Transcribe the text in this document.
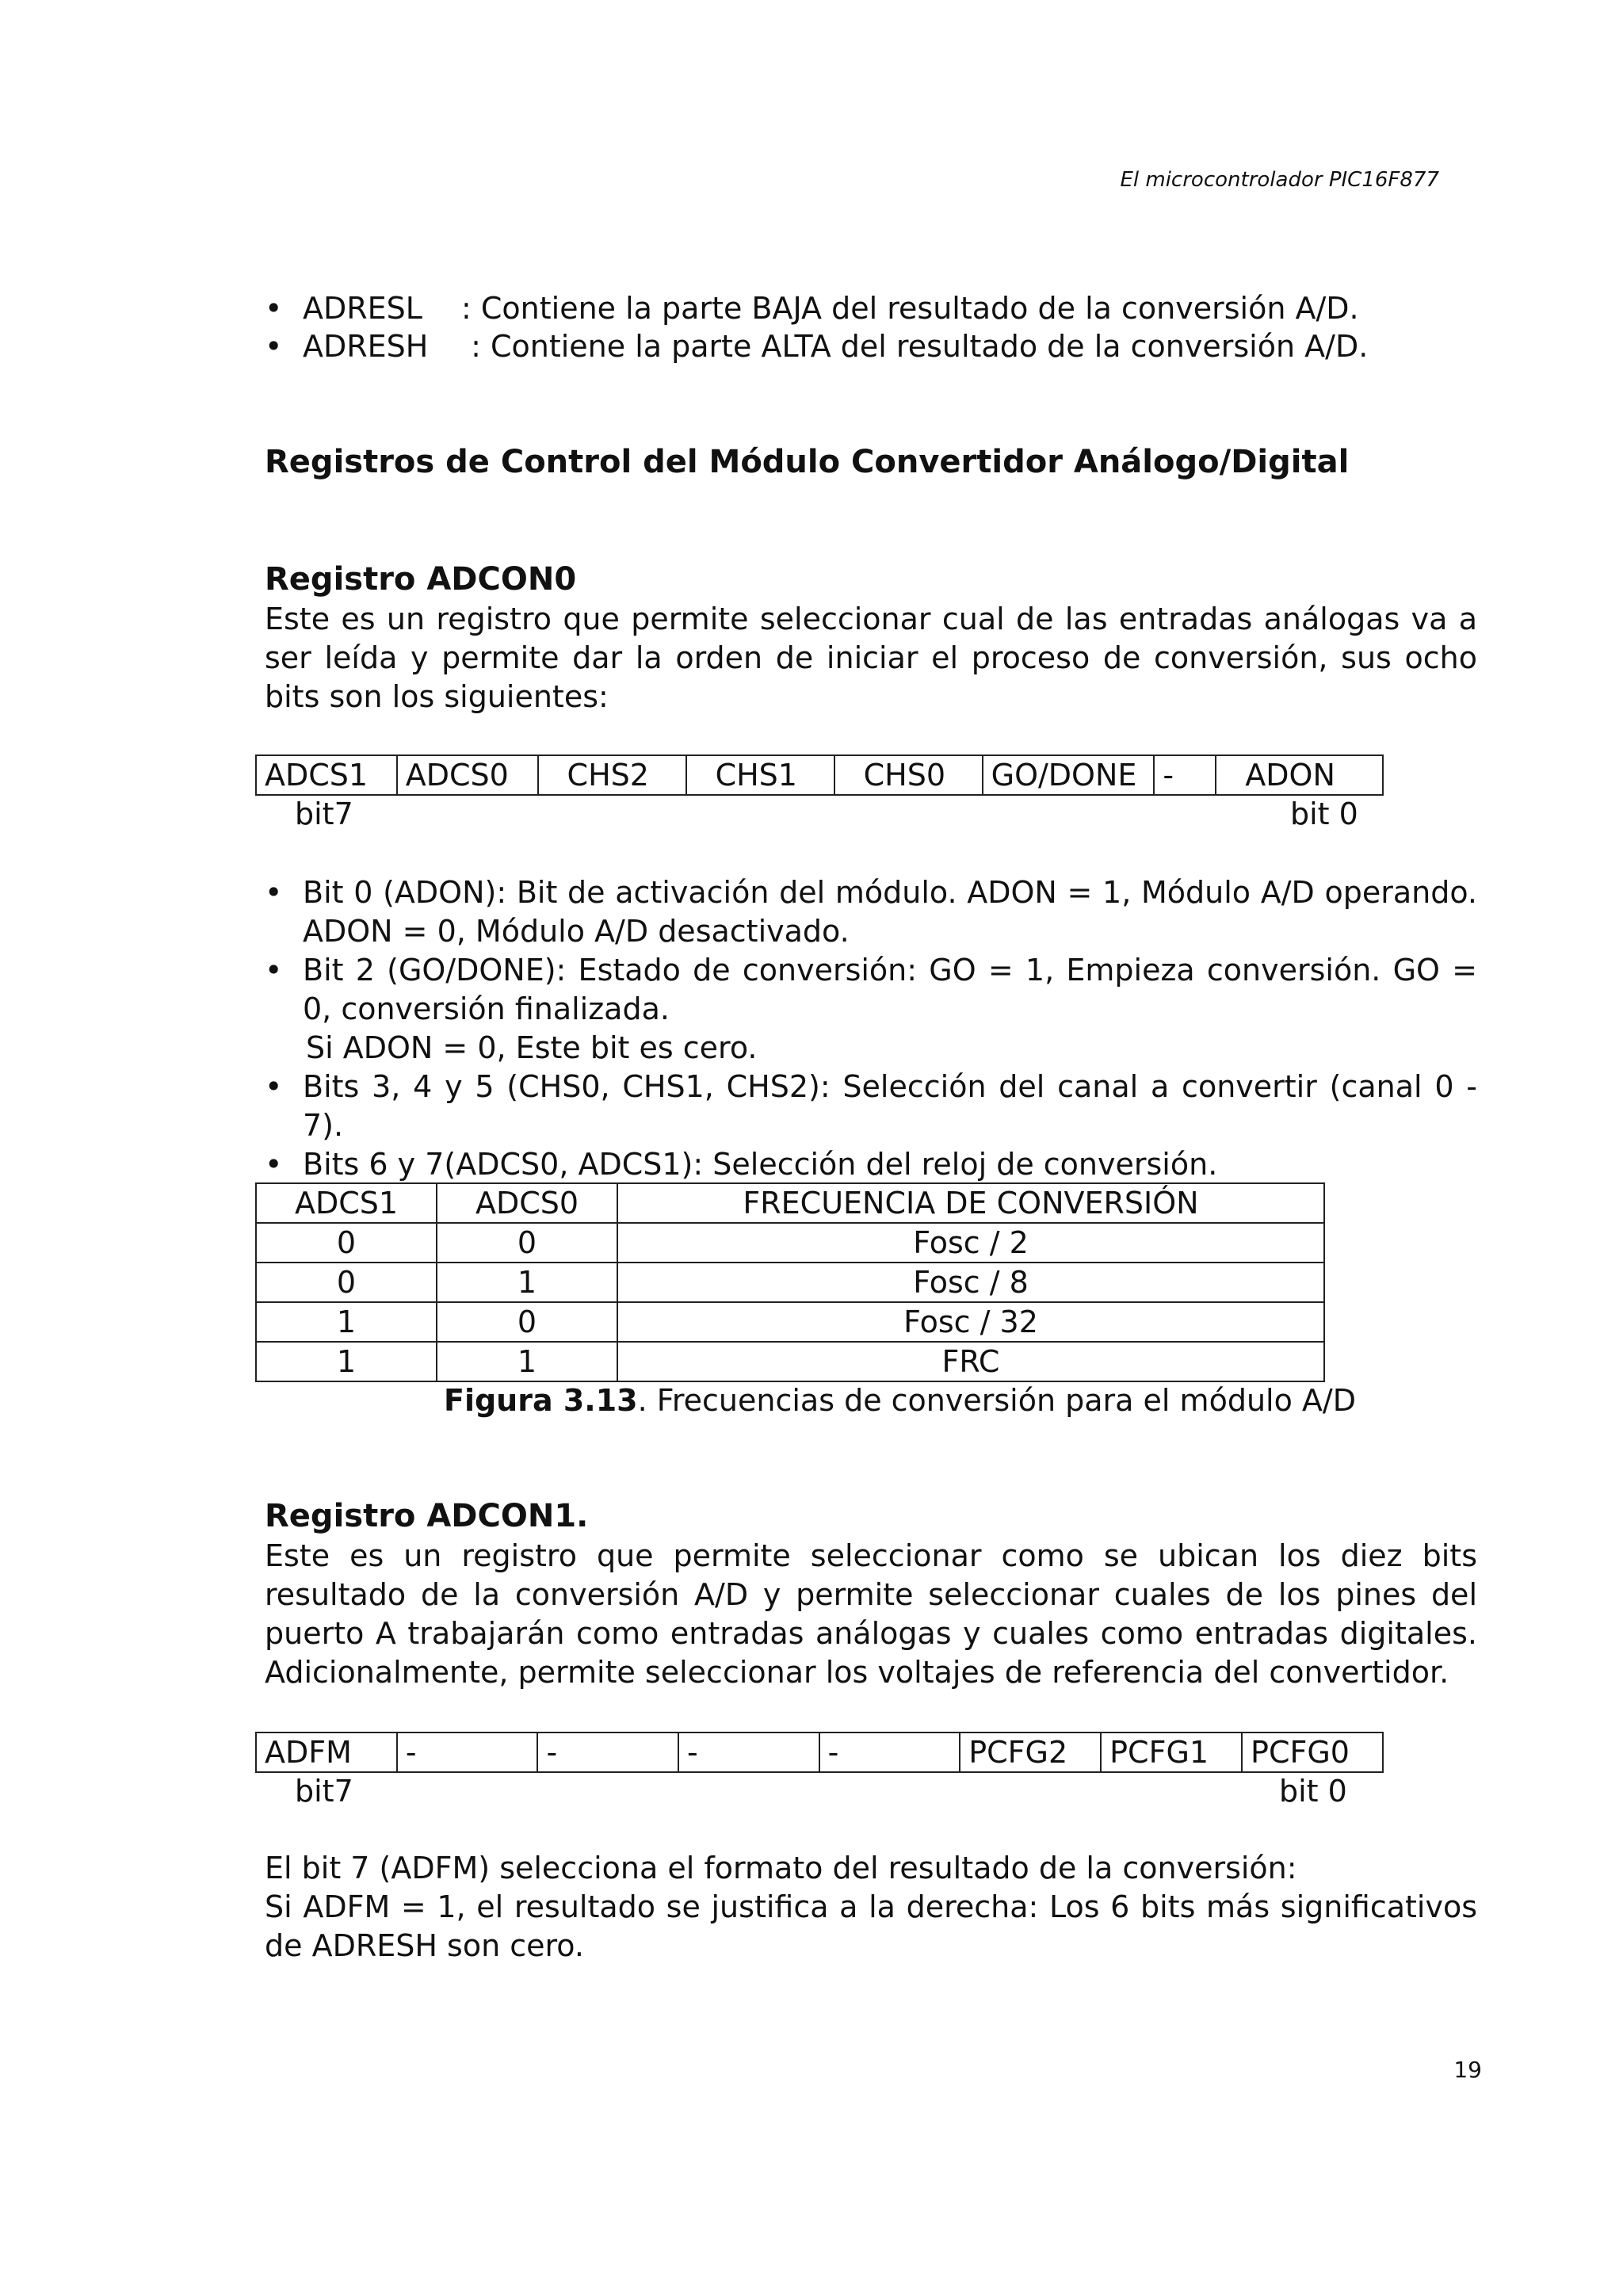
El microcontrolador PIC16F877
• ADRESL : Contiene la parte BAJA del resultado de la conversión A/D.
• ADRESH : Contiene la parte ALTA del resultado de la conversión A/D.
Registros de Control del Módulo Convertidor Análogo/Digital
Registro ADCON0
Este es un registro que permite seleccionar cual de las entradas análogas va a ser leída y permite dar la orden de iniciar el proceso de conversión, sus ocho bits son los siguientes:
ADCS1	ADCS0	CHS2	CHS1	CHS0	GO/DONE	-	ADON
bit7	bit 0
• Bit 0 (ADON): Bit de activación del módulo. ADON = 1, Módulo A/D operando. ADON = 0, Módulo A/D desactivado.
• Bit 2 (GO/DONE): Estado de conversión: GO = 1, Empieza conversión. GO = 0, conversión finalizada.
Si ADON = 0, Este bit es cero.
• Bits 3, 4 y 5 (CHS0, CHS1, CHS2): Selección del canal a convertir (canal 0 - 7).
• Bits 6 y 7(ADCS0, ADCS1): Selección del reloj de conversión.
ADCS1	ADCS0	FRECUENCIA DE CONVERSIÓN
0	0	Fosc / 2
0	1	Fosc / 8
1	0	Fosc / 32
1	1	FRC
Figura 3.13. Frecuencias de conversión para el módulo A/D
Registro ADCON1.
Este es un registro que permite seleccionar como se ubican los diez bits resultado de la conversión A/D y permite seleccionar cuales de los pines del puerto A trabajarán como entradas análogas y cuales como entradas digitales. Adicionalmente, permite seleccionar los voltajes de referencia del convertidor.
ADFM	-	-	-	-	PCFG2	PCFG1	PCFG0
bit7	bit 0
El bit 7 (ADFM) selecciona el formato del resultado de la conversión:
Si ADFM = 1, el resultado se justifica a la derecha: Los 6 bits más significativos de ADRESH son cero.
19
